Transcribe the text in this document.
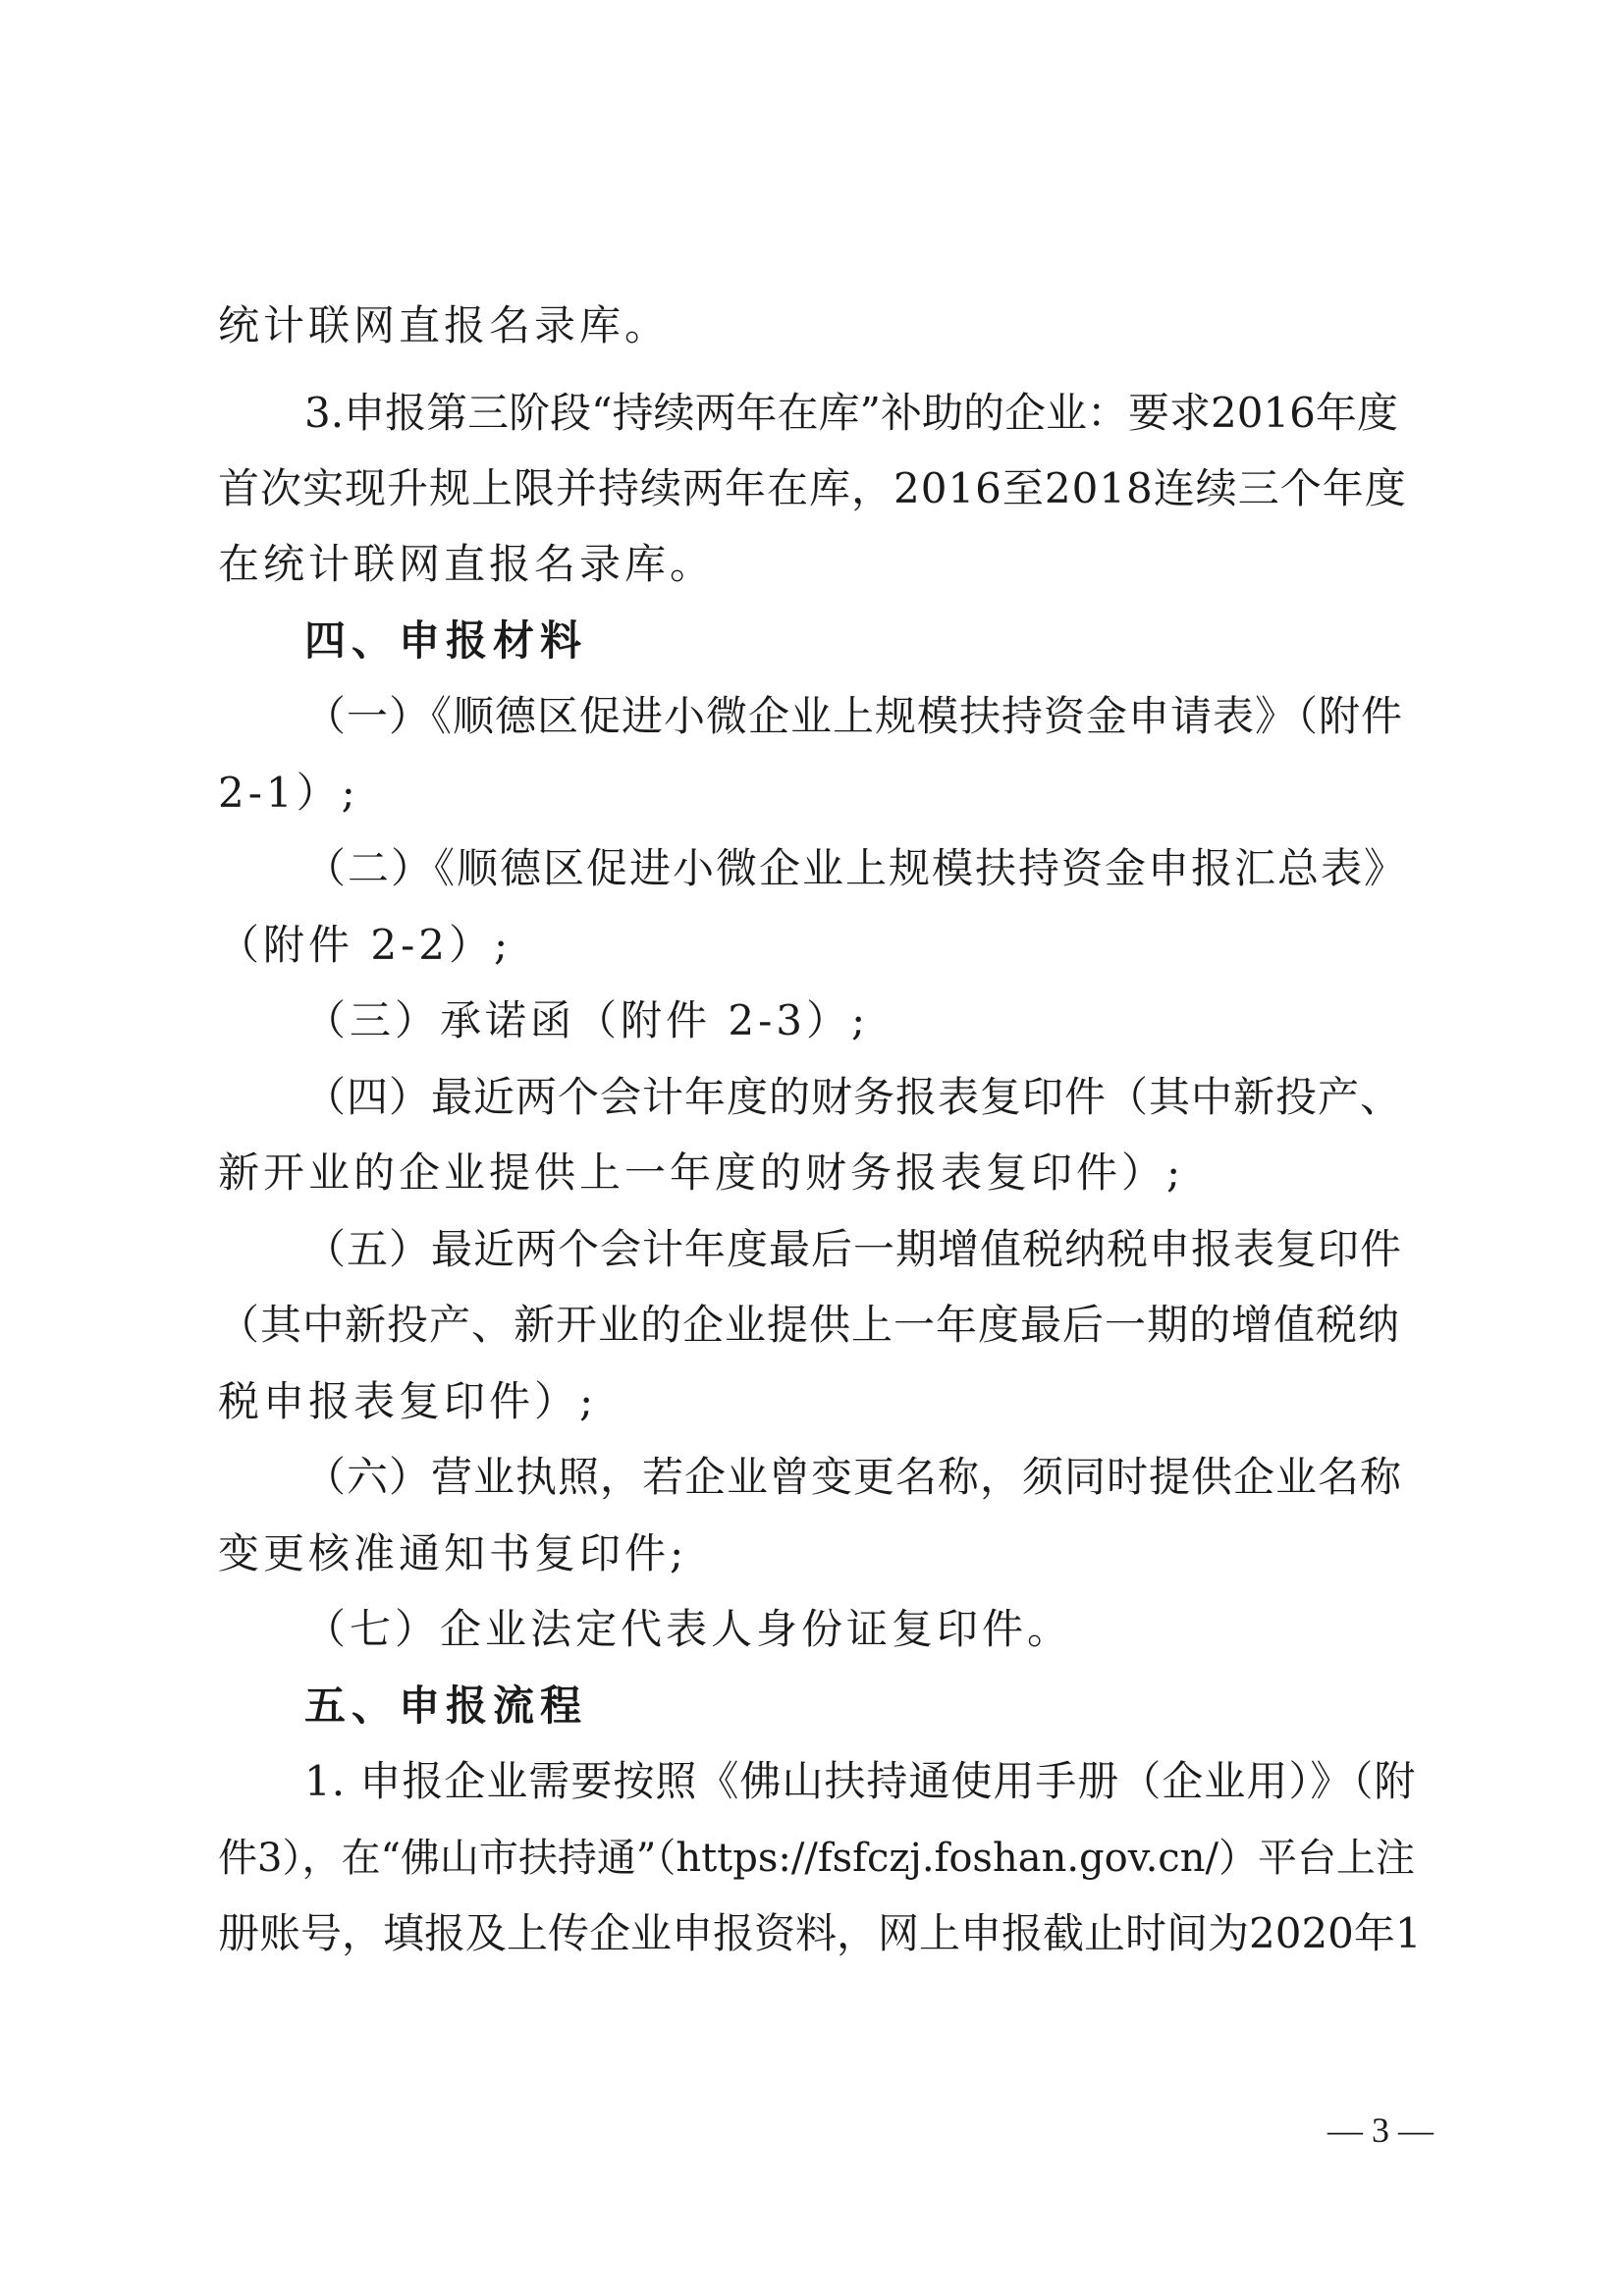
统计联网直报名录库。
3.申报第三阶段“持续两年在库”补助的企业：要求2016年度
首次实现升规上限并持续两年在库，2016至2018连续三个年度
在统计联网直报名录库。
四、申报材料
（一）《顺德区促进小微企业上规模扶持资金申请表》（附件
2-1）;
（二）《顺德区促进小微企业上规模扶持资金申报汇总表》
（附件 2-2）;
（三）承诺函（附件 2-3）;
（四）最近两个会计年度的财务报表复印件（其中新投产、
新开业的企业提供上一年度的财务报表复印件）;
（五）最近两个会计年度最后一期增值税纳税申报表复印件
（其中新投产、新开业的企业提供上一年度最后一期的增值税纳
税申报表复印件）;
（六）营业执照，若企业曾变更名称，须同时提供企业名称
变更核准通知书复印件;
（七）企业法定代表人身份证复印件。
五、申报流程
1. 申报企业需要按照《佛山扶持通使用手册（企业用）》（附
件3），在“佛山市扶持通”（https://fsfczj.foshan.gov.cn/）平台上注
册账号，填报及上传企业申报资料，网上申报截止时间为2020年1
— 3 —
